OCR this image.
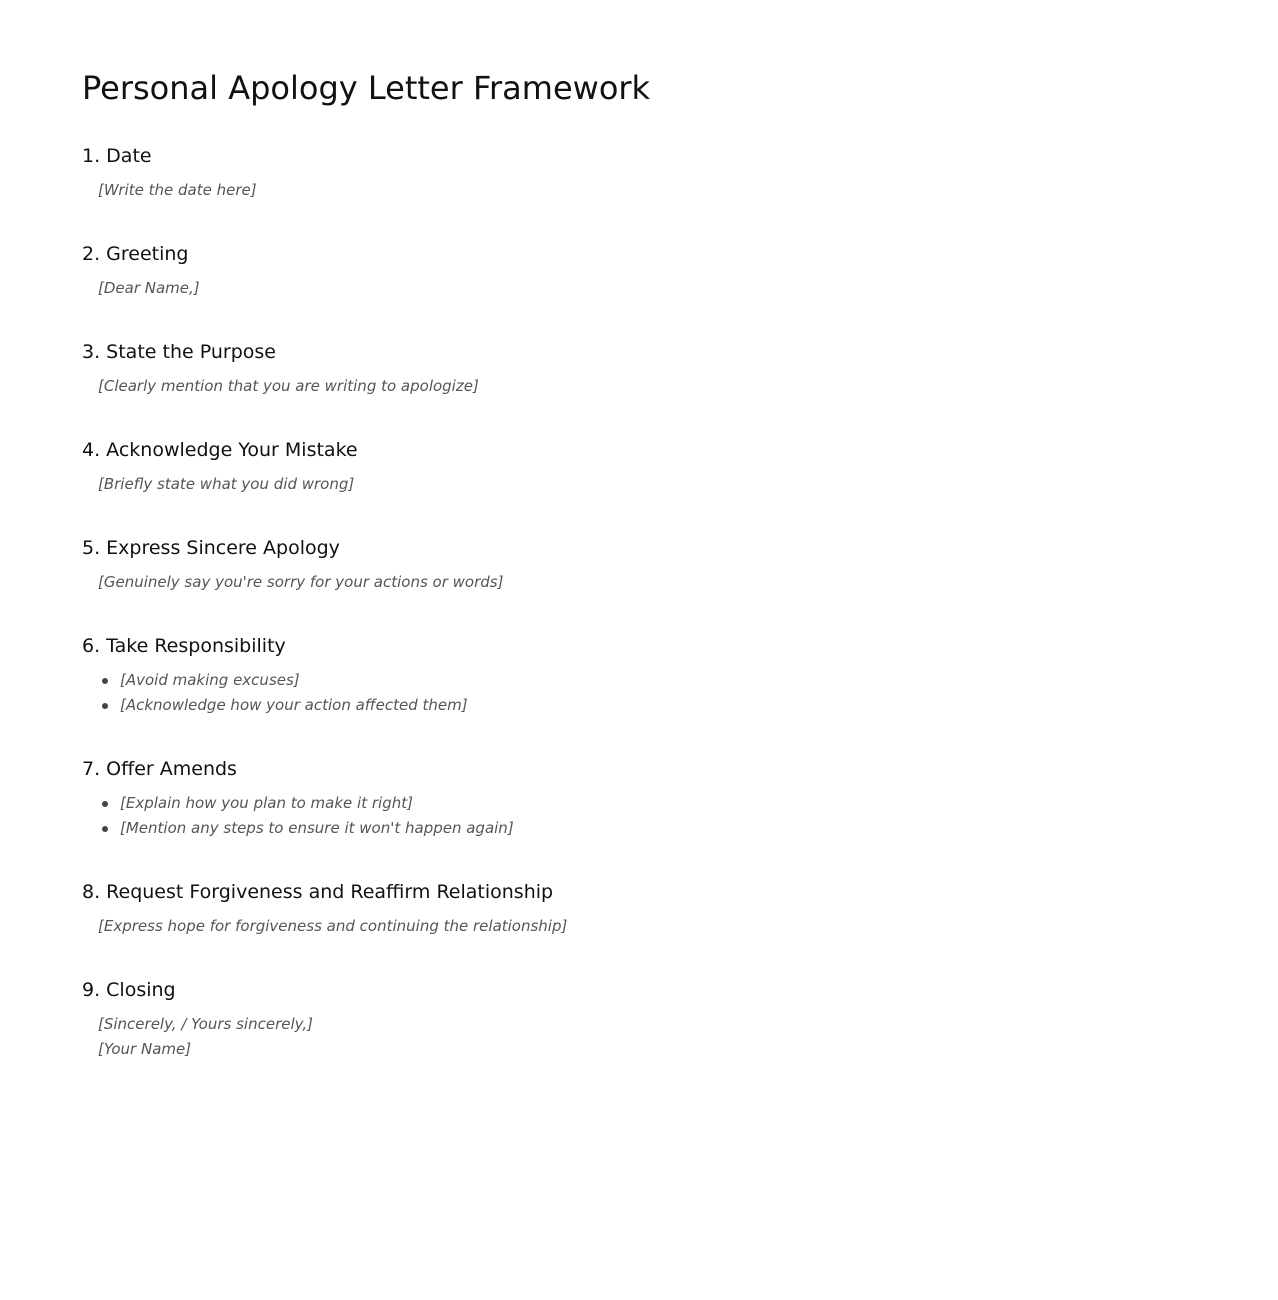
Personal Apology Letter Framework
1. Date
[Write the date here]
2. Greeting
[Dear Name,]
3. State the Purpose
[Clearly mention that you are writing to apologize]
4. Acknowledge Your Mistake
[Briefly state what you did wrong]
5. Express Sincere Apology
[Genuinely say you're sorry for your actions or words]
6. Take Responsibility
[Avoid making excuses]
[Acknowledge how your action affected them]
7. Offer Amends
[Explain how you plan to make it right]
[Mention any steps to ensure it won't happen again]
8. Request Forgiveness and Reaffirm Relationship
[Express hope for forgiveness and continuing the relationship]
9. Closing
[Sincerely, / Yours sincerely,]
[Your Name]
